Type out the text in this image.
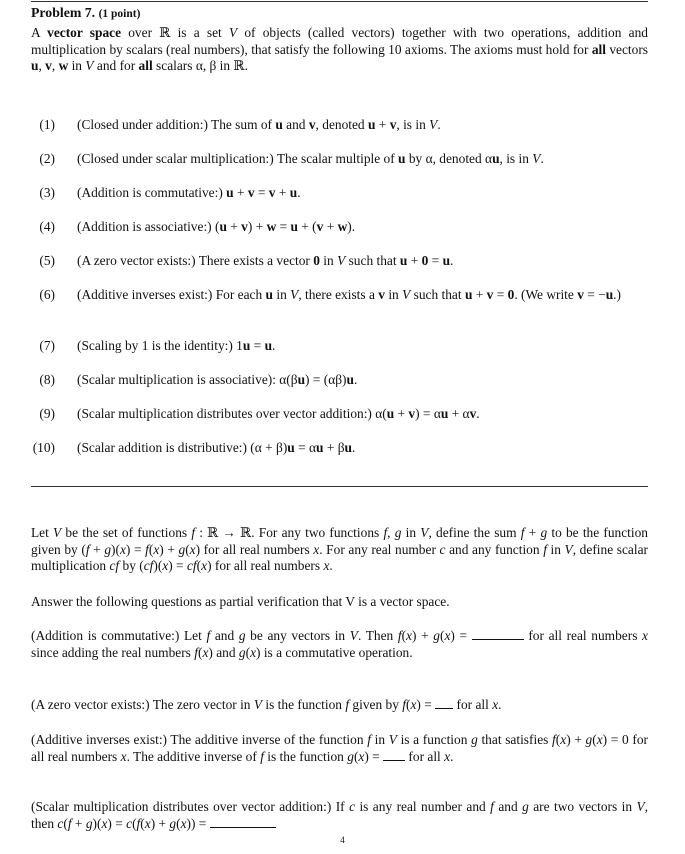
Problem 7. (1 point)
A vector space over ℝ is a set V of objects (called vectors) together with two operations, addition and multiplication by scalars (real numbers), that satisfy the following 10 axioms. The axioms must hold for all vectors u, v, w in V and for all scalars α, β in ℝ.
(1) (Closed under addition:) The sum of u and v, denoted u + v, is in V.
(2) (Closed under scalar multiplication:) The scalar multiple of u by α, denoted αu, is in V.
(3) (Addition is commutative:) u + v = v + u.
(4) (Addition is associative:) (u + v) + w = u + (v + w).
(5) (A zero vector exists:) There exists a vector 0 in V such that u + 0 = u.
(6) (Additive inverses exist:) For each u in V, there exists a v in V such that u + v = 0. (We write v = −u.)
(7) (Scaling by 1 is the identity:) 1u = u.
(8) (Scalar multiplication is associative): α(βu) = (αβ)u.
(9) (Scalar multiplication distributes over vector addition:) α(u + v) = αu + αv.
(10) (Scalar addition is distributive:) (α + β)u = αu + βu.
Let V be the set of functions f : ℝ → ℝ. For any two functions f, g in V, define the sum f + g to be the function given by (f + g)(x) = f(x) + g(x) for all real numbers x. For any real number c and any function f in V, define scalar multiplication cf by (cf)(x) = cf(x) for all real numbers x.
Answer the following questions as partial verification that V is a vector space.
(Addition is commutative:) Let f and g be any vectors in V. Then f(x) + g(x) =	for all real numbers x since adding the real numbers f(x) and g(x) is a commutative operation.
(A zero vector exists:) The zero vector in V is the function f given by f(x) =  for all x.
(Additive inverses exist:) The additive inverse of the function f in V is a function g that satisfies f(x) + g(x) = 0 for all real numbers x. The additive inverse of f is the function g(x) =  for all x.
(Scalar multiplication distributes over vector addition:) If c is any real number and f and g are two vectors in V, then c(f + g)(x) = c(f(x) + g(x)) =
4
